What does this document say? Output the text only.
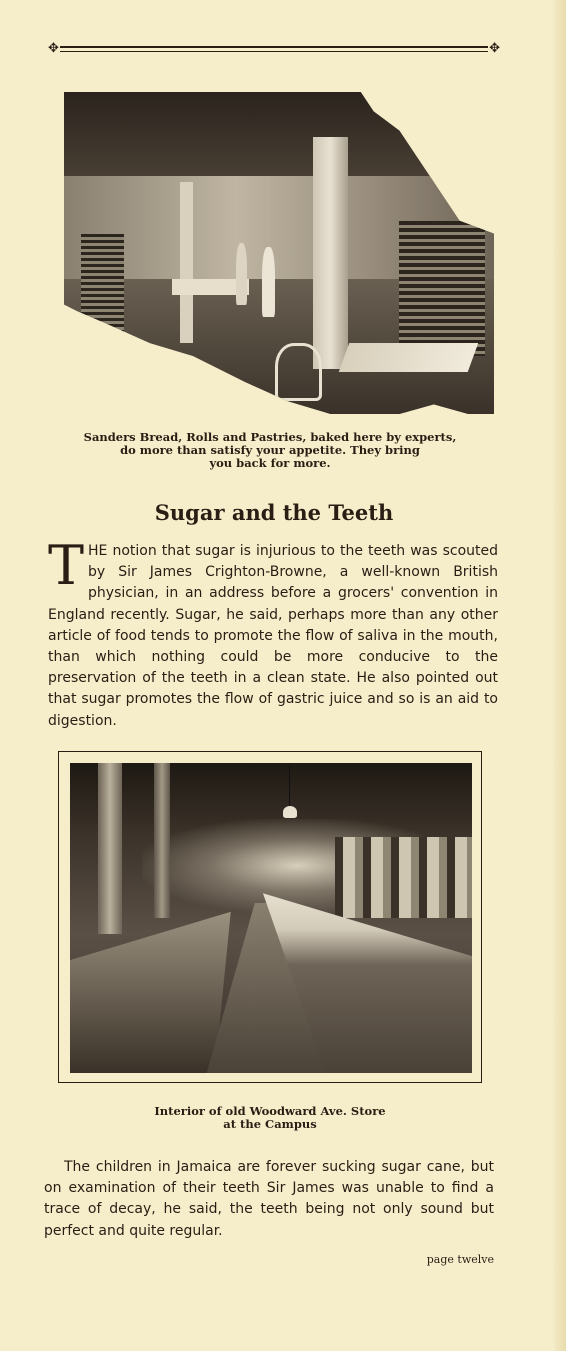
✥	✥
Sanders Bread, Rolls and Pastries, baked here by experts,
do more than satisfy your appetite. They bring
you back for more.
Sugar and the Teeth
THE notion that sugar is injurious to the teeth was scouted by Sir James Crighton-Browne, a well-known British physician, in an address before a grocers' convention in England recently. Sugar, he said, perhaps more than any other article of food tends to promote the flow of saliva in the mouth, than which nothing could be more conducive to the preservation of the teeth in a clean state. He also pointed out that sugar promotes the flow of gastric juice and so is an aid to digestion.
Interior of old Woodward Ave. Store
at the Campus
The children in Jamaica are forever sucking sugar cane, but on examination of their teeth Sir James was unable to find a trace of decay, he said, the teeth being not only sound but perfect and quite regular.
page twelve
